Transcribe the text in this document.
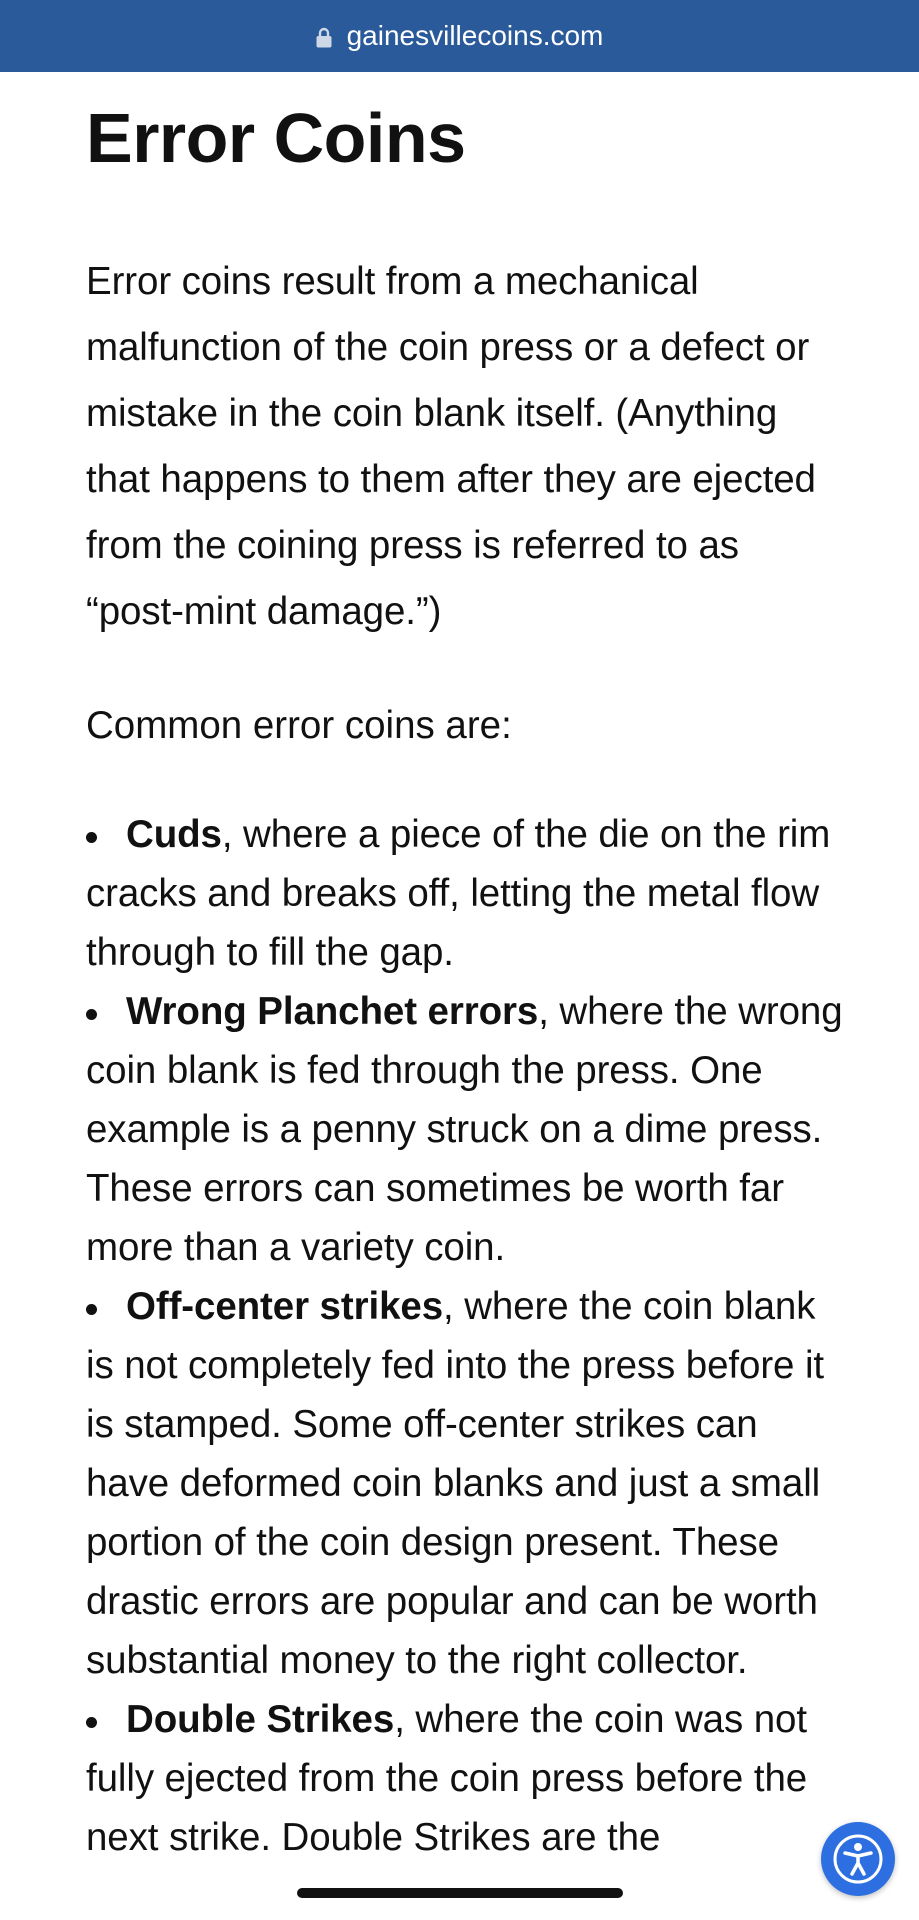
gainesvillecoins.com
Error Coins

Error coins result from a mechanical malfunction of the coin press or a defect or mistake in the coin blank itself. (Anything that happens to them after they are ejected from the coining press is referred to as “post-mint damage.”)

Common error coins are:

Cuds, where a piece of the die on the rim cracks and breaks off, letting the metal flow through to fill the gap.
Wrong Planchet errors, where the wrong coin blank is fed through the press. One example is a penny struck on a dime press. These errors can sometimes be worth far more than a variety coin.
Off-center strikes, where the coin blank is not completely fed into the press before it is stamped. Some off-center strikes can have deformed coin blanks and just a small portion of the coin design present. These drastic errors are popular and can be worth substantial money to the right collector.
Double Strikes, where the coin was not fully ejected from the coin press before the next strike. Double Strikes are the
